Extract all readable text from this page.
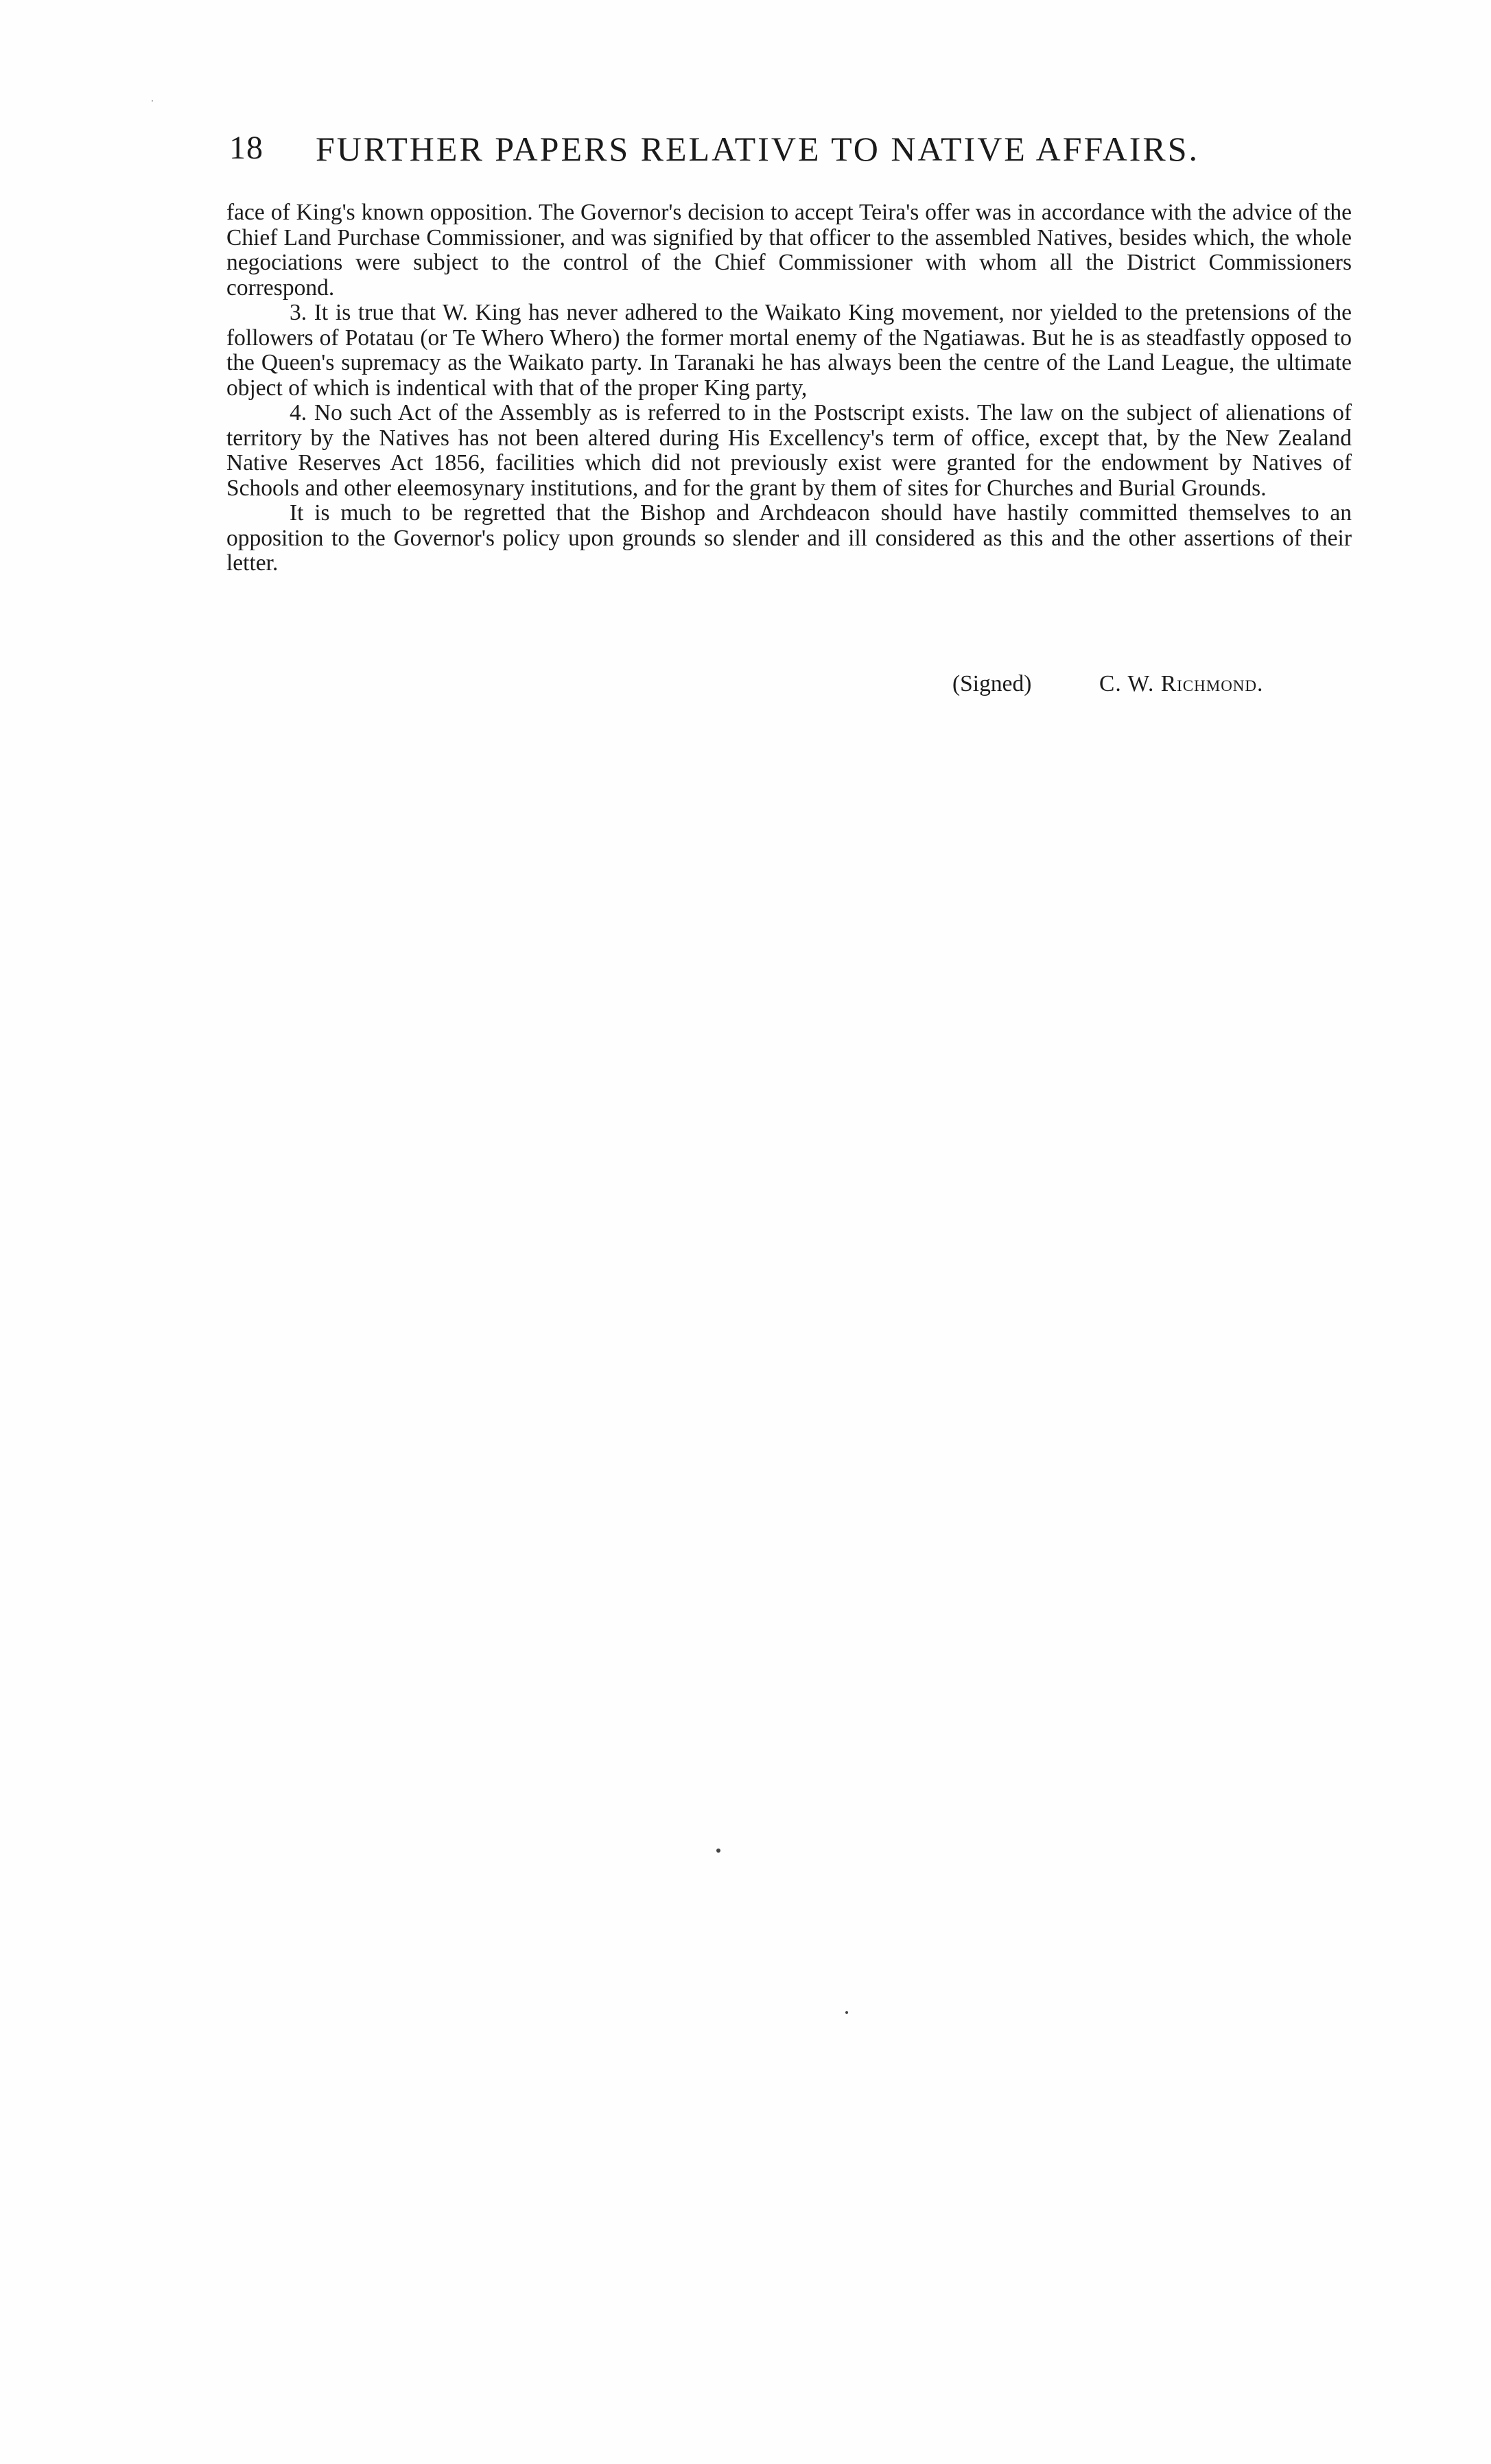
18 FURTHER PAPERS RELATIVE TO NATIVE AFFAIRS.

face of King's known opposition. The Governor's decision to accept Teira's offer was in accordance with the advice of the Chief Land Purchase Commissioner, and was signified by that officer to the assembled Natives, besides which, the whole negociations were subject to the control of the Chief Commissioner with whom all the District Commissioners correspond.

3. It is true that W. King has never adhered to the Waikato King movement, nor yielded to the pretensions of the followers of Potatau (or Te Whero Whero) the former mortal enemy of the Ngatiawas. But he is as steadfastly opposed to the Queen's supremacy as the Waikato party. In Taranaki he has always been the centre of the Land League, the ultimate object of which is indentical with that of the proper King party,

4. No such Act of the Assembly as is referred to in the Postscript exists. The law on the subject of alienations of territory by the Natives has not been altered during His Excellency's term of office, except that, by the New Zealand Native Reserves Act 1856, facilities which did not previously exist were granted for the endowment by Natives of Schools and other eleemosynary institutions, and for the grant by them of sites for Churches and Burial Grounds.

It is much to be regretted that the Bishop and Archdeacon should have hastily committed themselves to an opposition to the Governor's policy upon grounds so slender and ill considered as this and the other assertions of their letter.

(Signed)	C. W. Richmond.
